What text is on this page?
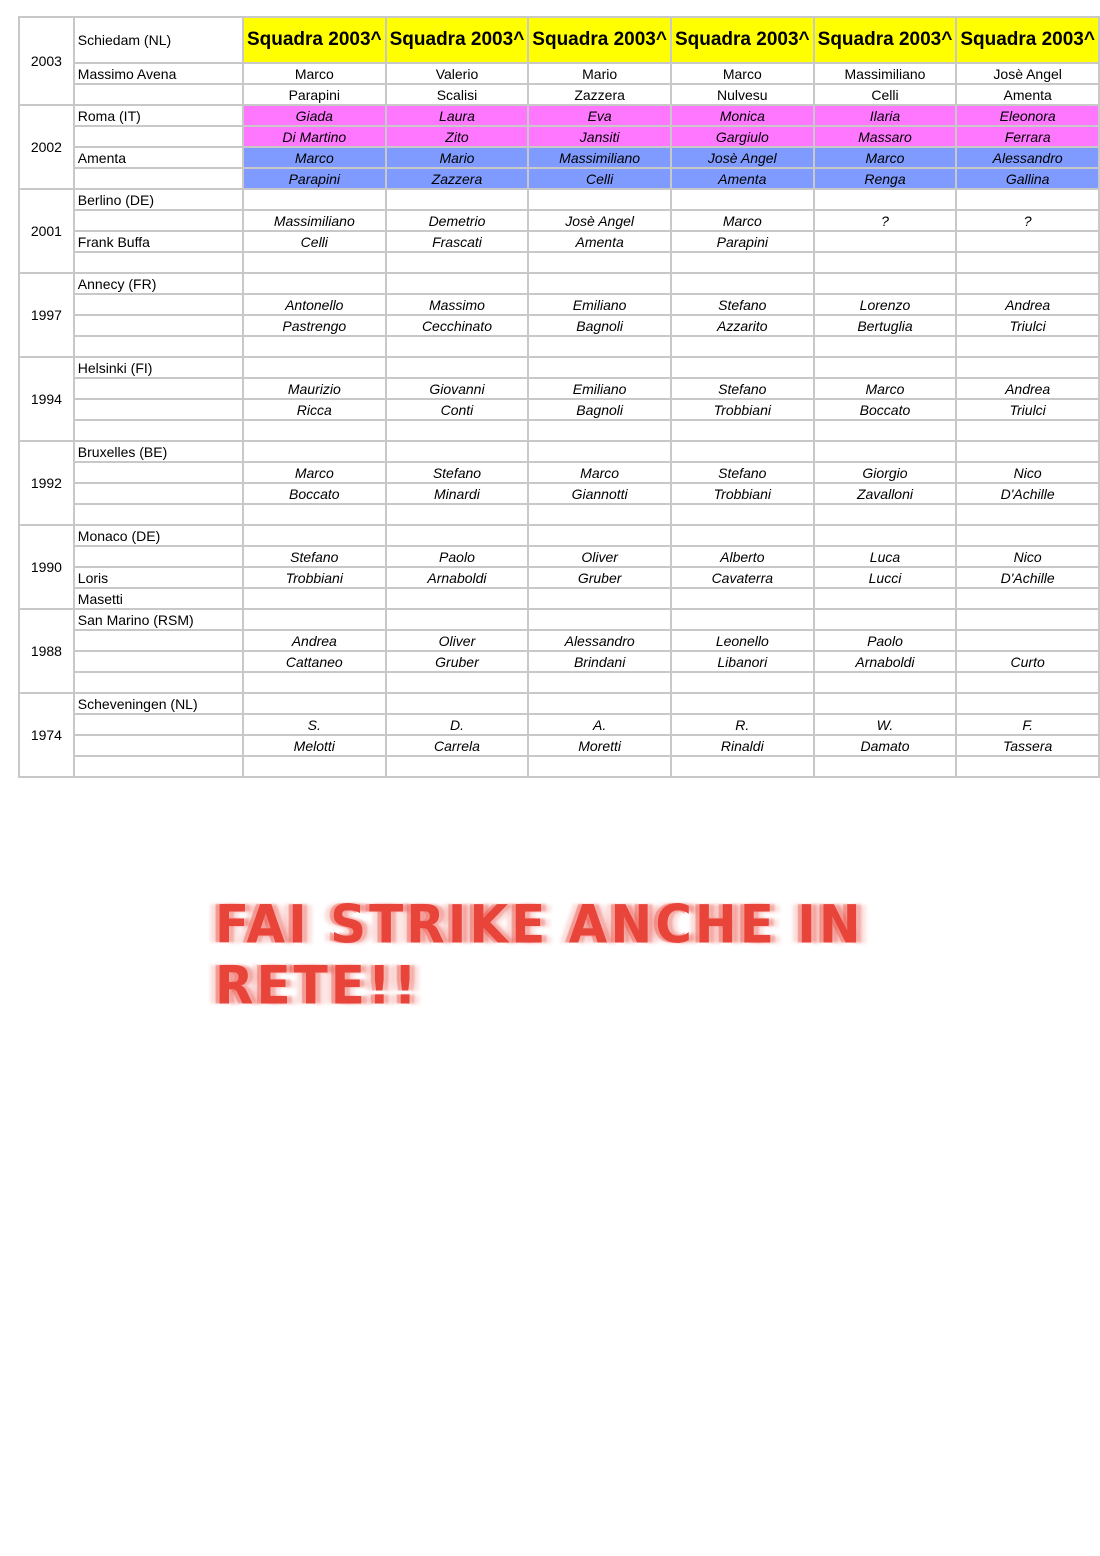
2003	Schiedam (NL)	Squadra 2003^	Squadra 2003^	Squadra 2003^	Squadra 2003^	Squadra 2003^	Squadra 2003^
	Massimo Avena	Marco	Valerio	Mario	Marco	Massimiliano	Josè Angel
		Parapini	Scalisi	Zazzera	Nulvesu	Celli	Amenta
2002	Roma (IT)	Giada	Laura	Eva	Monica	Ilaria	Eleonora
		Di Martino	Zito	Jansiti	Gargiulo	Massaro	Ferrara
	Amenta	Marco	Mario	Massimiliano	Josè Angel	Marco	Alessandro
		Parapini	Zazzera	Celli	Amenta	Renga	Gallina
2001	Berlino (DE)						
		Massimiliano	Demetrio	Josè Angel	Marco	?	?
	Frank Buffa	Celli	Frascati	Amenta	Parapini		

1997	Annecy (FR)						
		Antonello	Massimo	Emiliano	Stefano	Lorenzo	Andrea
		Pastrengo	Cecchinato	Bagnoli	Azzarito	Bertuglia	Triulci

1994	Helsinki (FI)						
		Maurizio	Giovanni	Emiliano	Stefano	Marco	Andrea
		Ricca	Conti	Bagnoli	Trobbiani	Boccato	Triulci

1992	Bruxelles (BE)						
		Marco	Stefano	Marco	Stefano	Giorgio	Nico
		Boccato	Minardi	Giannotti	Trobbiani	Zavalloni	D'Achille

1990	Monaco (DE)						
		Stefano	Paolo	Oliver	Alberto	Luca	Nico
	Loris	Trobbiani	Arnaboldi	Gruber	Cavaterra	Lucci	D'Achille
	Masetti						
1988	San Marino (RSM)						
		Andrea	Oliver	Alessandro	Leonello	Paolo	
		Cattaneo	Gruber	Brindani	Libanori	Arnaboldi	Curto

1974	Scheveningen (NL)						
		S.	D.	A.	R.	W.	F.
		Melotti	Carrela	Moretti	Rinaldi	Damato	Tassera

FAI STRIKE ANCHE IN RETE!!
